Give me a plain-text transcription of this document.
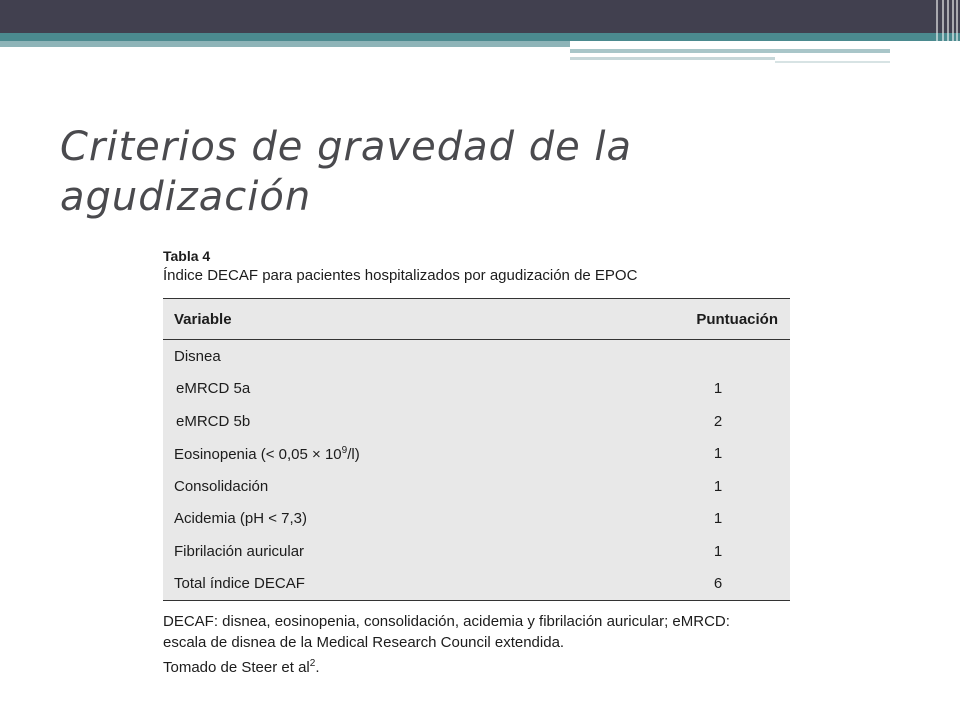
Criterios de gravedad de la agudización
Tabla 4
Índice DECAF para pacientes hospitalizados por agudización de EPOC
Variable	Puntuación
Disnea
eMRCD 5a	1
eMRCD 5b	2
Eosinopenia (< $0,05 \times 10^9/l$)	1
Consolidación	1
Acidemia (pH < 7,3)	1
Fibrilación auricular	1
Total índice DECAF	6
DECAF: disnea, eosinopenia, consolidación, acidemia y fibrilación auricular; eMRCD:
escala de disnea de la Medical Research Council extendida.
Tomado de Steer et $al^2$.
